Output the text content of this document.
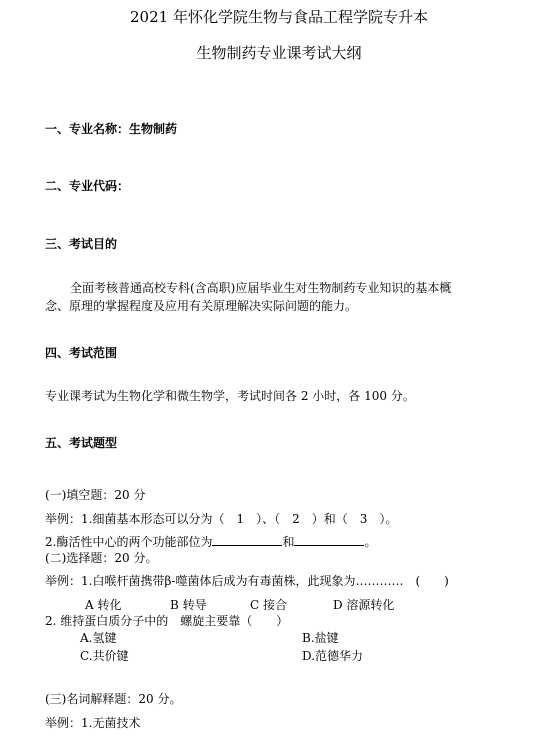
2021 年怀化学院生物与食品工程学院专升本
生物制药专业课考试大纲
一、专业名称：生物制药
二、专业代码：
三、考试目的
全面考核普通高校专科(含高职)应届毕业生对生物制药专业知识的基本概
念、原理的掌握程度及应用有关原理解决实际问题的能力。
四、考试范围
专业课考试为生物化学和微生物学，考试时间各 2 小时，各 100 分。
五、考试题型
(一)填空题：20 分
举例：1.细菌基本形态可以分为（　1　）、（　2　）和（　3　）。
2.酶活性中心的两个功能部位为	和	。
(二)选择题：20 分。
举例：1.白喉杆菌携带β-噬菌体后成为有毒菌株，此现象为…………　(　　)
A 转化	B 转导	C 接合	D 溶源转化
2. 维持蛋白质分子中的　螺旋主要靠（　　）
A.氢键	B.盐键
C.共价键	D.范德华力
(三)名词解释题：20 分。
举例：1.无菌技术
